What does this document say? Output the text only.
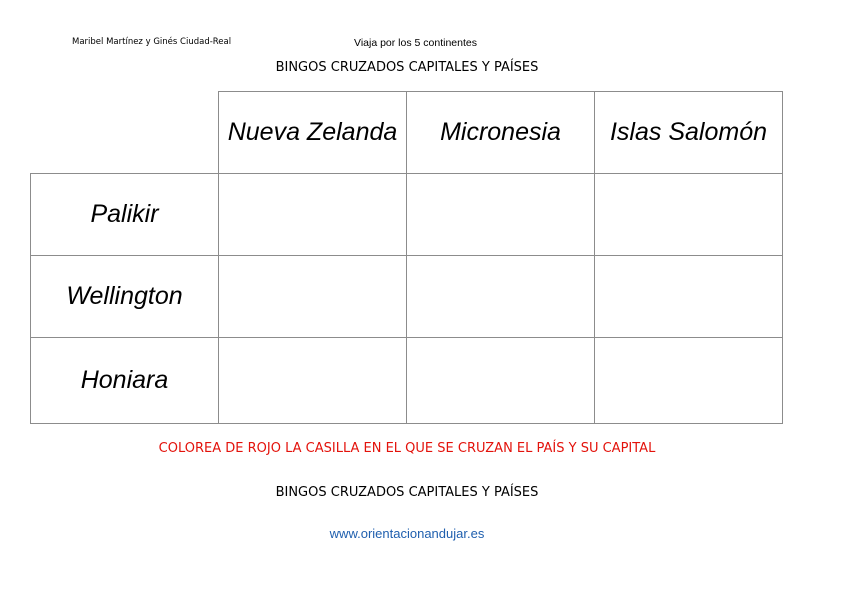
Maribel Martínez y Ginés Ciudad-Real	Viaja por los 5 continentes
BINGOS CRUZADOS CAPITALES Y PAÍSES
	Nueva Zelanda	Micronesia	Islas Salomón
Palikir			
Wellington			
Honiara			
COLOREA DE ROJO LA CASILLA EN EL QUE SE CRUZAN EL PAÍS Y SU CAPITAL
BINGOS CRUZADOS CAPITALES Y PAÍSES
www.orientacionandujar.es
